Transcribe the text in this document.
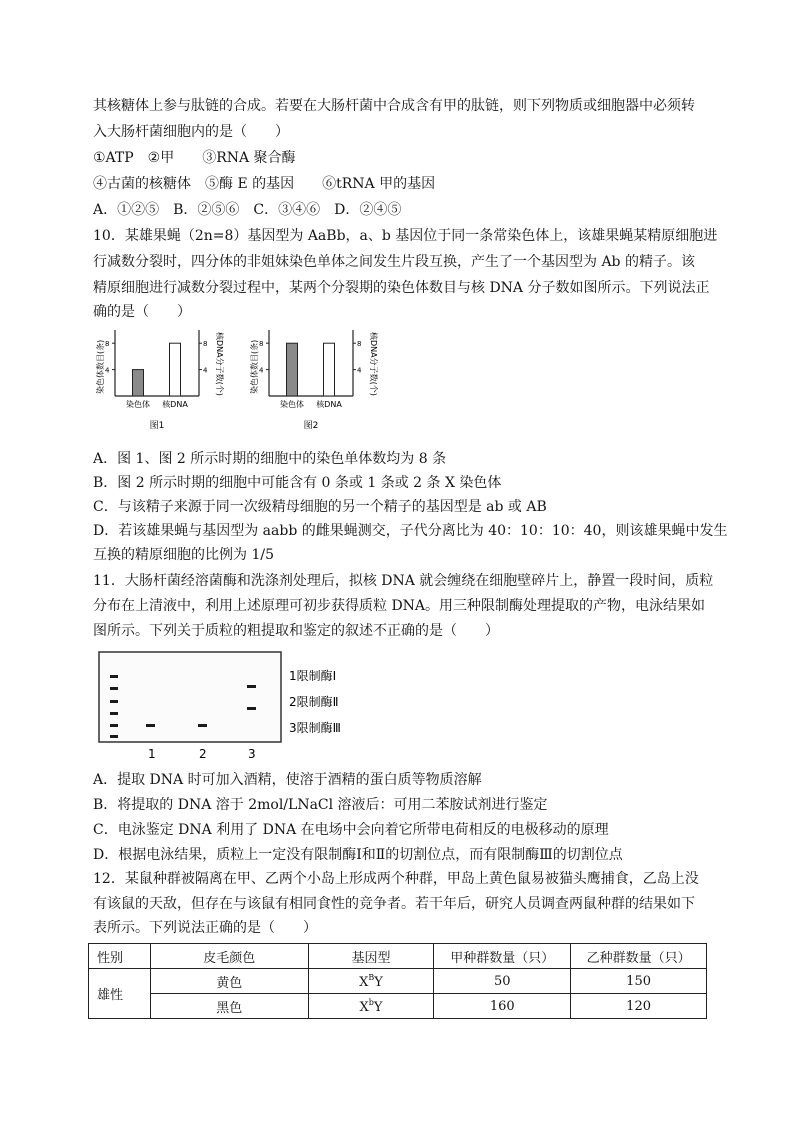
其核糖体上参与肽链的合成。若要在大肠杆菌中合成含有甲的肽链，则下列物质或细胞器中必须转
入大肠杆菌细胞内的是（　　）
①ATP　②甲　　③RNA 聚合酶
④古菌的核糖体　⑤酶 E 的基因　　⑥tRNA 甲的基因
A．①②⑤　B．②⑤⑥　C．③④⑥　D．②④⑤
10．某雄果蝇（2n=8）基因型为 AaBb，a、b 基因位于同一条常染色体上，该雄果蝇某精原细胞进
行减数分裂时，四分体的非姐妹染色单体之间发生片段互换，产生了一个基因型为 Ab 的精子。该
精原细胞进行减数分裂过程中，某两个分裂期的染色体数目与核 DNA 分子数如图所示。下列说法正
确的是（　　）
染色体数目(条)	核DNA分子数(个)
4	4
8	8
染色体 核DNA
图1
染色体数目(条)	核DNA分子数(个)
4	4
8	8
染色体 核DNA
图2
A．图 1、图 2 所示时期的细胞中的染色单体数均为 8 条
B．图 2 所示时期的细胞中可能含有 0 条或 1 条或 2 条 X 染色体
C．与该精子来源于同一次级精母细胞的另一个精子的基因型是 ab 或 AB
D．若该雄果蝇与基因型为 aabb 的雌果蝇测交，子代分离比为 40：10：10：40，则该雄果蝇中发生
互换的精原细胞的比例为 1/5
11．大肠杆菌经溶菌酶和洗涤剂处理后，拟核 DNA 就会缠绕在细胞壁碎片上，静置一段时间，质粒
分布在上清液中，利用上述原理可初步获得质粒 DNA。用三种限制酶处理提取的产物，电泳结果如
图所示。下列关于质粒的粗提取和鉴定的叙述不正确的是（　　）
1	2	3
1限制酶Ⅰ
2限制酶Ⅱ
3限制酶Ⅲ
A．提取 DNA 时可加入酒精，使溶于酒精的蛋白质等物质溶解
B．将提取的 DNA 溶于 2mol/LNaCl 溶液后：可用二苯胺试剂进行鉴定
C．电泳鉴定 DNA 利用了 DNA 在电场中会向着它所带电荷相反的电极移动的原理
D．根据电泳结果，质粒上一定没有限制酶Ⅰ和Ⅱ的切割位点，而有限制酶Ⅲ的切割位点
12．某鼠种群被隔离在甲、乙两个小岛上形成两个种群，甲岛上黄色鼠易被猫头鹰捕食，乙岛上没
有该鼠的天敌，但存在与该鼠有相同食性的竞争者。若干年后，研究人员调查两鼠种群的结果如下
表所示。下列说法正确的是（　　）
性别	皮毛颜色	基因型	甲种群数量（只）	乙种群数量（只）
雄性	黄色	$X^BY$	50	150
	黑色	$X^bY$	160	120
